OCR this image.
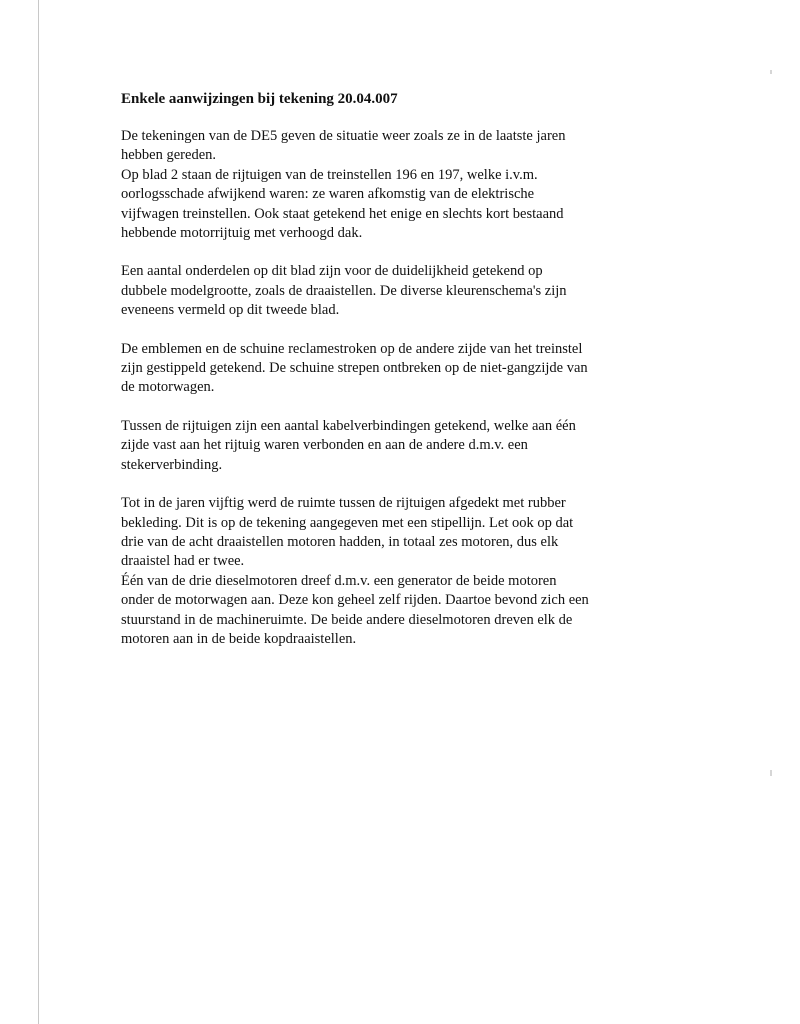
Enkele aanwijzingen bij tekening 20.04.007
De tekeningen van de DE5 geven de situatie weer zoals ze in de laatste jaren
hebben gereden.
Op blad 2 staan de rijtuigen van de treinstellen 196 en 197, welke i.v.m.
oorlogsschade afwijkend waren: ze waren afkomstig van de elektrische
vijfwagen treinstellen. Ook staat getekend het enige en slechts kort bestaand
hebbende motorrijtuig met verhoogd dak.
Een aantal onderdelen op dit blad zijn voor de duidelijkheid getekend op
dubbele modelgrootte, zoals de draaistellen. De diverse kleurenschema's zijn
eveneens vermeld op dit tweede blad.
De emblemen en de schuine reclamestroken op de andere zijde van het treinstel
zijn gestippeld getekend. De schuine strepen ontbreken op de niet-gangzijde van
de motorwagen.
Tussen de rijtuigen zijn een aantal kabelverbindingen getekend, welke aan één
zijde vast aan het rijtuig waren verbonden en aan de andere d.m.v. een
stekerverbinding.
Tot in de jaren vijftig werd de ruimte tussen de rijtuigen afgedekt met rubber
bekleding. Dit is op de tekening aangegeven met een stipellijn. Let ook op dat
drie van de acht draaistellen motoren hadden, in totaal zes motoren, dus elk
draaistel had er twee.
Één van de drie dieselmotoren dreef d.m.v. een generator de beide motoren
onder de motorwagen aan. Deze kon geheel zelf rijden. Daartoe bevond zich een
stuurstand in de machineruimte. De beide andere dieselmotoren dreven elk de
motoren aan in de beide kopdraaistellen.
